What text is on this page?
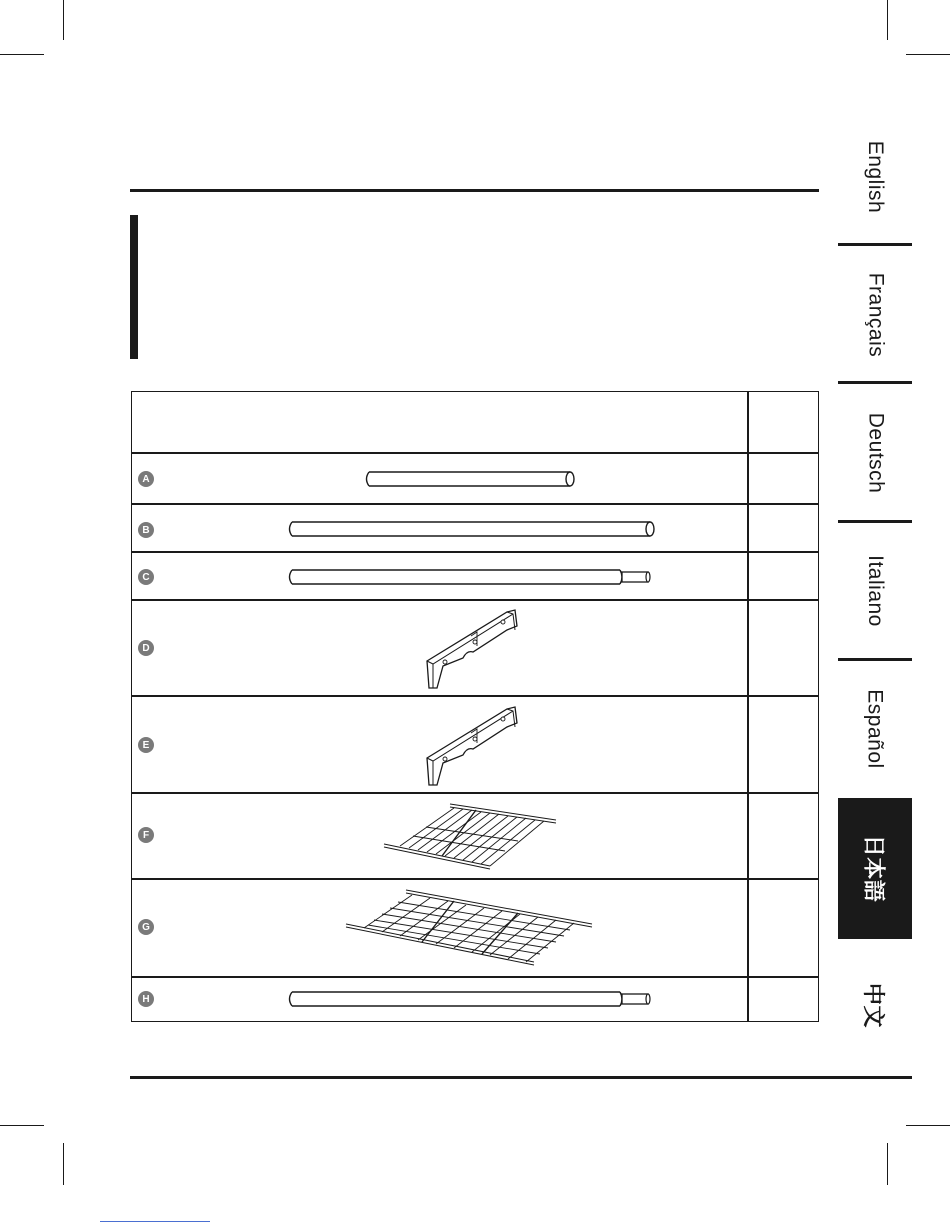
English
Français
Deutsch
Italiano
Español
日本語
中文
A
B
C
D
E
F
G
H
